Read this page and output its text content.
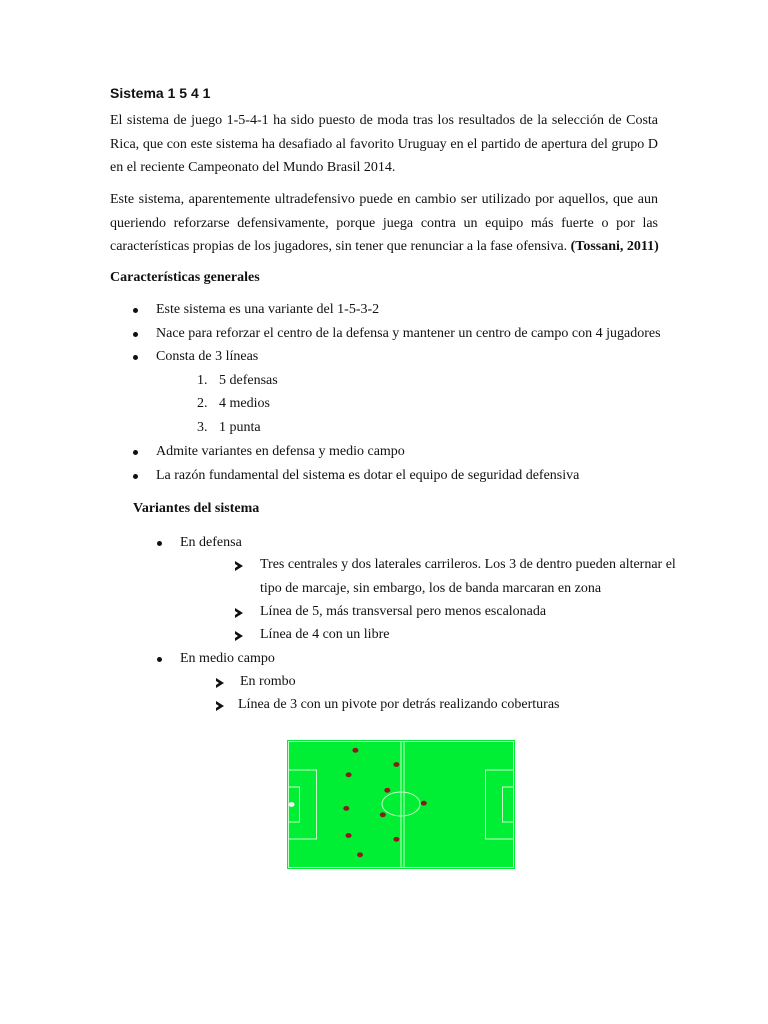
Sistema 1 5 4 1

El sistema de juego 1-5-4-1 ha sido puesto de moda tras los resultados de la selección de Costa
Rica, que con este sistema ha desafiado al favorito Uruguay en el partido de apertura del grupo D
en el reciente Campeonato del Mundo Brasil 2014.

Este sistema, aparentemente ultradefensivo puede en cambio ser utilizado por aquellos, que aun
queriendo reforzarse defensivamente, porque juega contra un equipo más fuerte o por las
características propias de los jugadores, sin tener que renunciar a la fase ofensiva. (Tossani, 2011)

Características generales

Este sistema es una variante del 1-5-3-2

Nace para reforzar el centro de la defensa y mantener un centro de campo con 4 jugadores

Consta de 3 líneas

1. 5 defensas
2. 4 medios
3. 1 punta

Admite variantes en defensa y medio campo

La razón fundamental del sistema es dotar el equipo de seguridad defensiva

Variantes del sistema

En defensa

Tres centrales y dos laterales carrileros. Los 3 de dentro pueden alternar el

tipo de marcaje, sin embargo, los de banda marcaran en zona

Línea de 5, más transversal pero menos escalonada

Línea de 4 con un libre

En medio campo

En rombo

Línea de 3 con un pivote por detrás realizando coberturas
